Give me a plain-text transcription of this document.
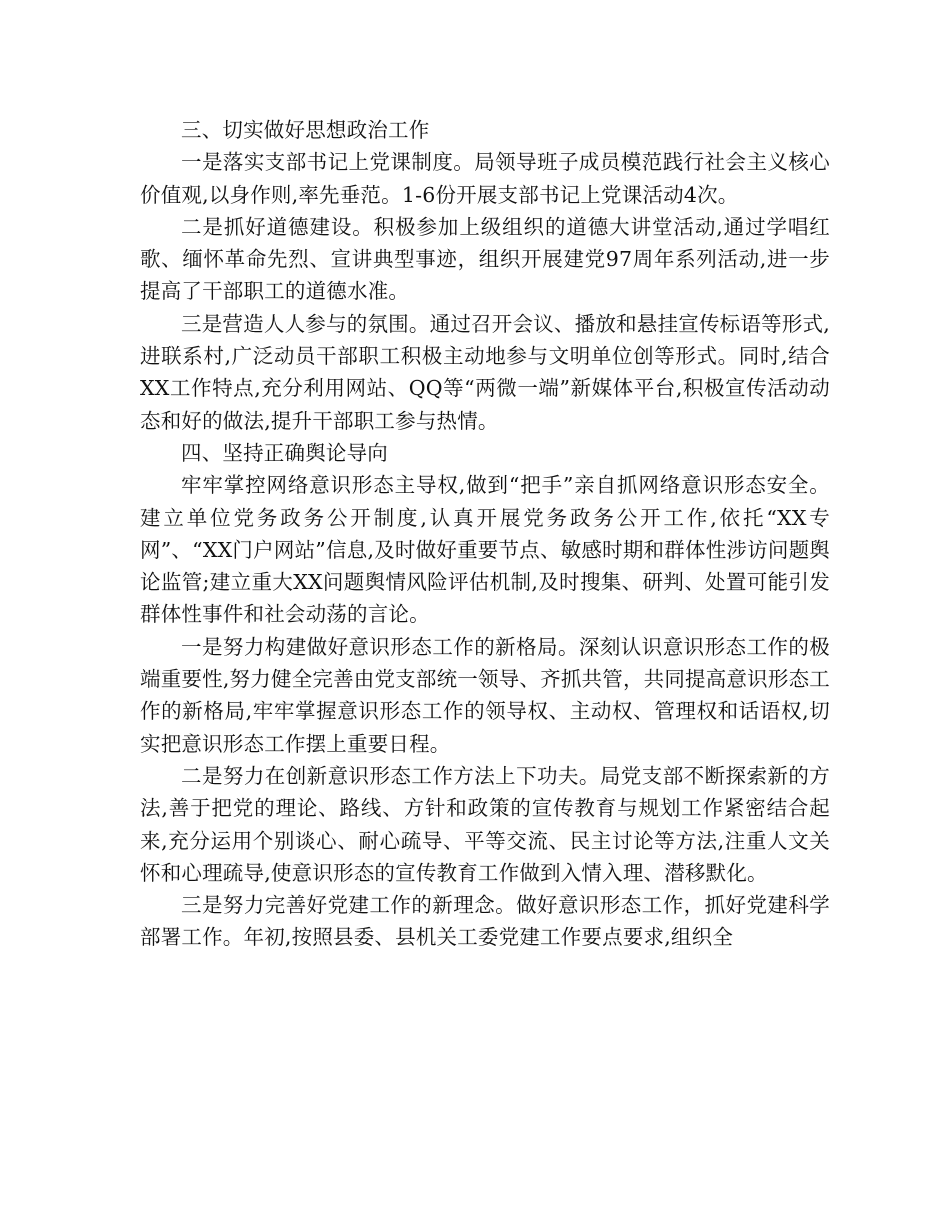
三、切实做好思想政治工作

一是落实支部书记上党课制度。局领导班子成员模范践行社会主义核心价值观,以身作则,率先垂范。1-6份开展支部书记上党课活动4次。

二是抓好道德建设。积极参加上级组织的道德大讲堂活动,通过学唱红歌、缅怀革命先烈、宣讲典型事迹，组织开展建党97周年系列活动,进一步提高了干部职工的道德水准。

三是营造人人参与的氛围。通过召开会议、播放和悬挂宣传标语等形式,进联系村,广泛动员干部职工积极主动地参与文明单位创等形式。同时,结合XX工作特点,充分利用网站、QQ等“两微一端”新媒体平台,积极宣传活动动态和好的做法,提升干部职工参与热情。

四、坚持正确舆论导向

牢牢掌控网络意识形态主导权,做到“把手”亲自抓网络意识形态安全。建立单位党务政务公开制度,认真开展党务政务公开工作,依托“XX专网”、“XX门户网站”信息,及时做好重要节点、敏感时期和群体性涉访问题舆论监管;建立重大XX问题舆情风险评估机制,及时搜集、研判、处置可能引发群体性事件和社会动荡的言论。

一是努力构建做好意识形态工作的新格局。深刻认识意识形态工作的极端重要性,努力健全完善由党支部统一领导、齐抓共管，共同提高意识形态工作的新格局,牢牢掌握意识形态工作的领导权、主动权、管理权和话语权,切实把意识形态工作摆上重要日程。

二是努力在创新意识形态工作方法上下功夫。局党支部不断探索新的方法,善于把党的理论、路线、方针和政策的宣传教育与规划工作紧密结合起来,充分运用个别谈心、耐心疏导、平等交流、民主讨论等方法,注重人文关怀和心理疏导,使意识形态的宣传教育工作做到入情入理、潜移默化。

三是努力完善好党建工作的新理念。做好意识形态工作，抓好党建科学部署工作。年初,按照县委、县机关工委党建工作要点要求,组织全
